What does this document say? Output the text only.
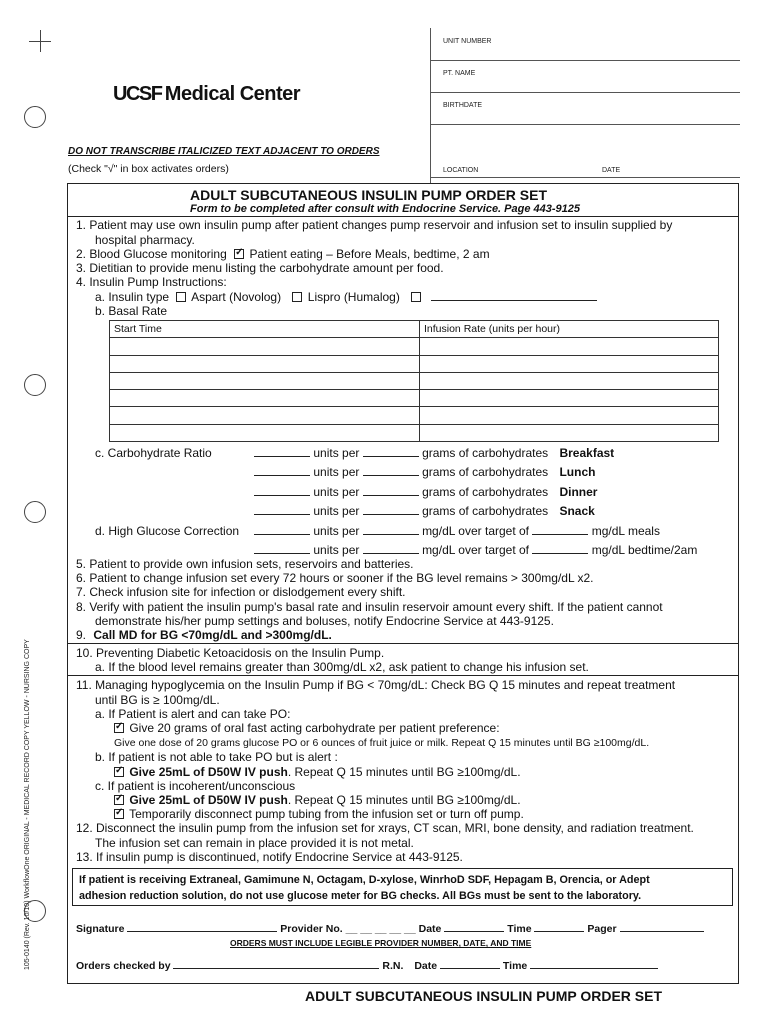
105-0140 (Rev. 10/10) WorkflowOne ORIGINAL - MEDICAL RECORD COPY YELLOW - NURSING COPY
UNIT NUMBER
PT. NAME
BIRTHDATE
LOCATION	DATE
UCSF Medical Center
DO NOT TRANSCRIBE ITALICIZED TEXT ADJACENT TO ORDERS
(Check "√" in box activates orders)
ADULT SUBCUTANEOUS INSULIN PUMP ORDER SET
Form to be completed after consult with Endocrine Service. Page 443-9125
1. Patient may use own insulin pump after patient changes pump reservoir and infusion set to insulin supplied by
hospital pharmacy.
2. Blood Glucose monitoring ✓ Patient eating – Before Meals, bedtime, 2 am
3. Dietitian to provide menu listing the carbohydrate amount per food.
4. Insulin Pump Instructions:
a. Insulin type Aspart (Novolog) Lispro (Humalog)
b. Basal Rate
Start Time	Infusion Rate (units per hour)

c. Carbohydrate Ratio	units per	grams of carbohydrates Breakfast
units per	grams of carbohydrates Lunch
units per	grams of carbohydrates Dinner
units per	grams of carbohydrates Snack
d. High Glucose Correction	units per	mg/dL over target of	mg/dL meals
units per	mg/dL over target of	mg/dL bedtime/2am
5. Patient to provide own infusion sets, reservoirs and batteries.
6. Patient to change infusion set every 72 hours or sooner if the BG level remains > 300mg/dL x2.
7. Check infusion site for infection or dislodgement every shift.
8. Verify with patient the insulin pump's basal rate and insulin reservoir amount every shift. If the patient cannot
demonstrate his/her pump settings and boluses, notify Endocrine Service at 443-9125.
9. Call MD for BG <70mg/dL and >300mg/dL.
10. Preventing Diabetic Ketoacidosis on the Insulin Pump.
a. If the blood level remains greater than 300mg/dL x2, ask patient to change his infusion set.
11. Managing hypoglycemia on the Insulin Pump if BG < 70mg/dL: Check BG Q 15 minutes and repeat treatment
until BG is ≥ 100mg/dL.
a. If Patient is alert and can take PO:
✓ Give 20 grams of oral fast acting carbohydrate per patient preference:
Give one dose of 20 grams glucose PO or 6 ounces of fruit juice or milk. Repeat Q 15 minutes until BG ≥100mg/dL.
b. If patient is not able to take PO but is alert :
✓ Give 25mL of D50W IV push. Repeat Q 15 minutes until BG ≥100mg/dL.
c. If patient is incoherent/unconscious
✓ Give 25mL of D50W IV push. Repeat Q 15 minutes until BG ≥100mg/dL.
✓ Temporarily disconnect pump tubing from the infusion set or turn off pump.
12. Disconnect the insulin pump from the infusion set for xrays, CT scan, MRI, bone density, and radiation treatment.
The infusion set can remain in place provided it is not metal.
13. If insulin pump is discontinued, notify Endocrine Service at 443-9125.
If patient is receiving Extraneal, Gamimune N, Octagam, D-xylose, WinrhoD SDF, Hepagam B, Orencia, or Adept
adhesion reduction solution, do not use glucose meter for BG checks. All BGs must be sent to the laboratory.
Signature	Provider No. __ __ __ __ __ Date	Time	Pager
ORDERS MUST INCLUDE LEGIBLE PROVIDER NUMBER, DATE, AND TIME
Orders checked by	R.N. Date	Time
ADULT SUBCUTANEOUS INSULIN PUMP ORDER SET
